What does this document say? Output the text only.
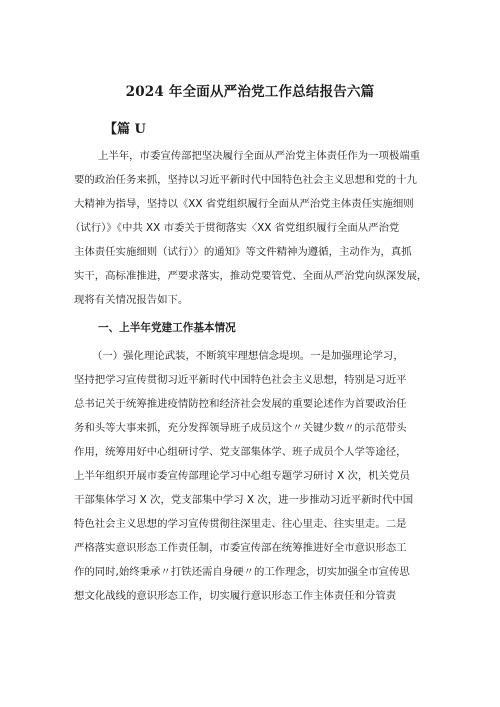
2024 年全面从严治党工作总结报告六篇
【篇 U
上半年，市委宣传部把坚决履行全面从严治党主体责任作为一项极端重
要的政治任务来抓，坚持以习近平新时代中国特色社会主义思想和党的十九
大精神为指导，坚持以《XX 省党组织履行全面从严治党主体责任实施细则
（试行）》《中共 XX 市委关于贯彻落实〈XX 省党组织履行全面从严治党
主体责任实施细则（试行）〉的通知》等文件精神为遵循，主动作为，真抓
实干，高标准推进，严要求落实，推动党要管党、全面从严治党向纵深发展，
现将有关情况报告如下。
一、上半年党建工作基本情况
（一）强化理论武装，不断筑牢理想信念堤坝。一是加强理论学习，
坚持把学习宣传贯彻习近平新时代中国特色社会主义思想，特别是习近平
总书记关于统筹推进疫情防控和经济社会发展的重要论述作为首要政治任
务和头等大事来抓，充分发挥领导班子成员这个〃关键少数〃的示范带头
作用，统筹用好中心组研讨学、党支部集体学、班子成员个人学等途径，
上半年组织开展市委宣传部理论学习中心组专题学习研讨 X 次，机关党员
干部集体学习 X 次，党支部集中学习 X 次，进一步推动习近平新时代中国
特色社会主义思想的学习宣传贯彻往深里走、往心里走、往实里走。二是
严格落实意识形态工作责任制，市委宣传部在统筹推进好全市意识形态工
作的同时,始终秉承〃打铁还需自身硬〃的工作理念，切实加强全市宣传思
想文化战线的意识形态工作，切实履行意识形态工作主体责任和分管责
